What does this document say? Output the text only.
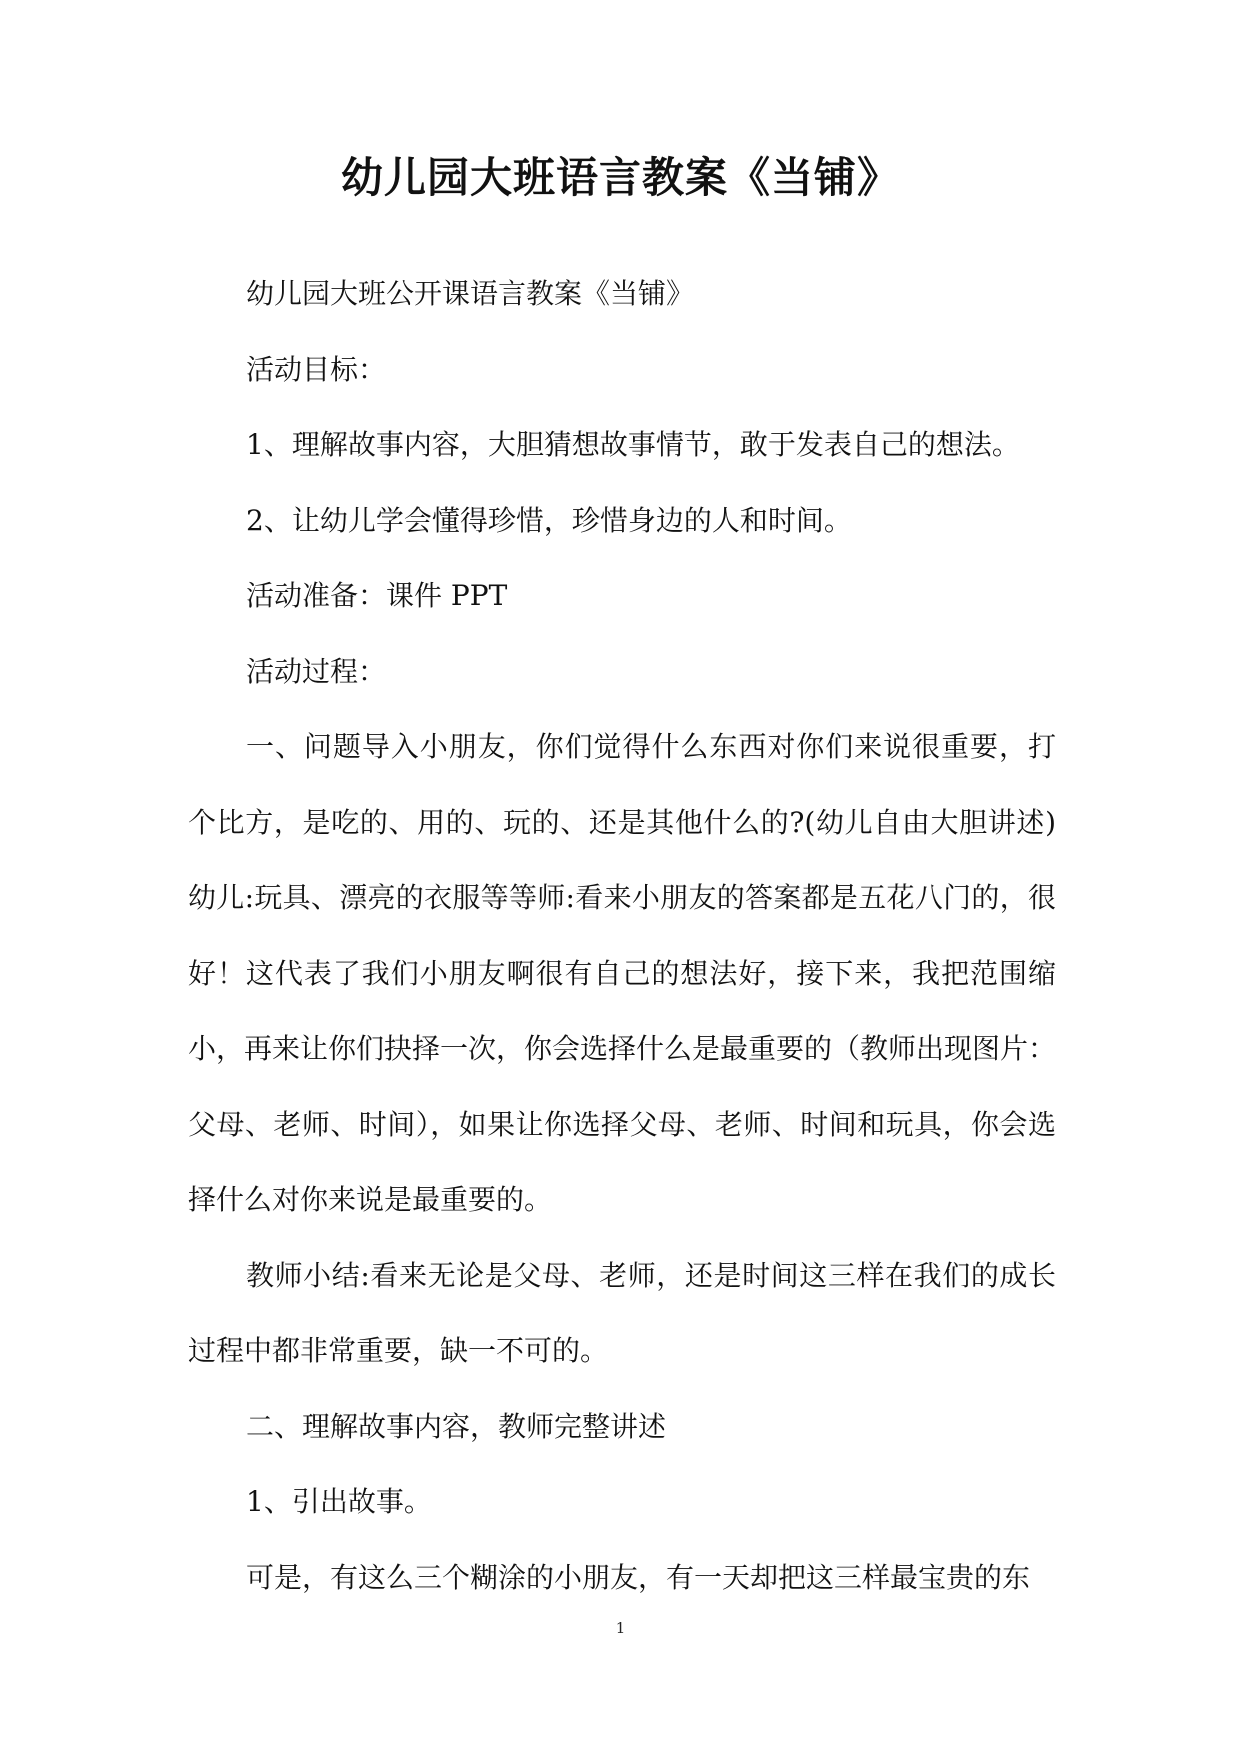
幼儿园大班语言教案《当铺》

幼儿园大班公开课语言教案《当铺》

活动目标：

1、理解故事内容，大胆猜想故事情节，敢于发表自己的想法。

2、让幼儿学会懂得珍惜，珍惜身边的人和时间。

活动准备：课件 PPT

活动过程：

一、问题导入小朋友，你们觉得什么东西对你们来说很重要，打个比方，是吃的、用的、玩的、还是其他什么的?(幼儿自由大胆讲述)幼儿:玩具、漂亮的衣服等等师:看来小朋友的答案都是五花八门的，很好！这代表了我们小朋友啊很有自己的想法好，接下来，我把范围缩小，再来让你们抉择一次，你会选择什么是最重要的（教师出现图片：父母、老师、时间），如果让你选择父母、老师、时间和玩具，你会选择什么对你来说是最重要的。

教师小结:看来无论是父母、老师，还是时间这三样在我们的成长过程中都非常重要，缺一不可的。

二、理解故事内容，教师完整讲述

1、引出故事。

可是，有这么三个糊涂的小朋友，有一天却把这三样最宝贵的东

1
